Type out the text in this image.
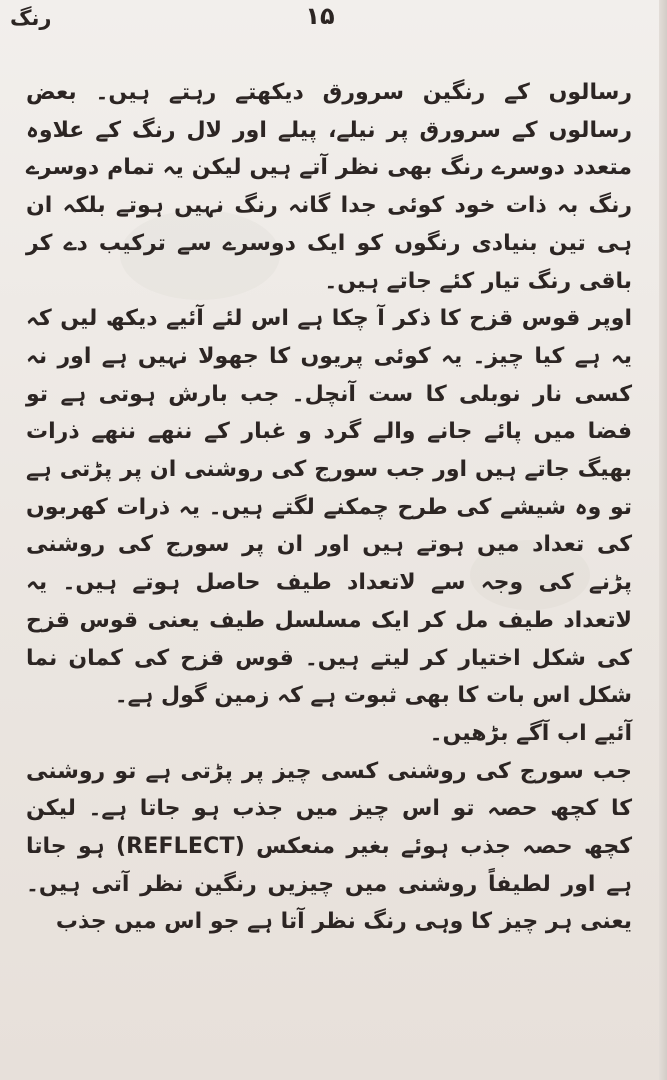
رنگ	۱۵

رسالوں کے رنگین سرورق دیکھتے رہتے ہیں۔ بعض رسالوں کے سرورق پر نیلے، پیلے اور لال رنگ کے علاوہ متعدد دوسرے رنگ بھی نظر آتے ہیں لیکن یہ تمام دوسرے رنگ بہ ذات خود کوئی جدا گانہ رنگ نہیں ہوتے بلکہ ان ہی تین بنیادی رنگوں کو ایک دوسرے سے ترکیب دے کر باقی رنگ تیار کئے جاتے ہیں۔

اوپر قوس قزح کا ذکر آ چکا ہے اس لئے آئیے دیکھ لیں کہ یہ ہے کیا چیز۔ یہ کوئی پریوں کا جھولا نہیں ہے اور نہ کسی نار نوبلی کا ست آنچل۔ جب بارش ہوتی ہے تو فضا میں پائے جانے والے گرد و غبار کے ننھے ننھے ذرات بھیگ جاتے ہیں اور جب سورج کی روشنی ان پر پڑتی ہے تو وہ شیشے کی طرح چمکنے لگتے ہیں۔ یہ ذرات کھربوں کی تعداد میں ہوتے ہیں اور ان پر سورج کی روشنی پڑنے کی وجہ سے لاتعداد طیف حاصل ہوتے ہیں۔ یہ لاتعداد طیف مل کر ایک مسلسل طیف یعنی قوس قزح کی شکل اختیار کر لیتے ہیں۔ قوس قزح کی کمان نما شکل اس بات کا بھی ثبوت ہے کہ زمین گول ہے۔

آئیے اب آگے بڑھیں۔

جب سورج کی روشنی کسی چیز پر پڑتی ہے تو روشنی کا کچھ حصہ تو اس چیز میں جذب ہو جاتا ہے۔ لیکن کچھ حصہ جذب ہوئے بغیر منعکس (REFLECT) ہو جاتا ہے اور لطیفاً روشنی میں چیزیں رنگین نظر آتی ہیں۔ یعنی ہر چیز کا وہی رنگ نظر آتا ہے جو اس میں جذب
